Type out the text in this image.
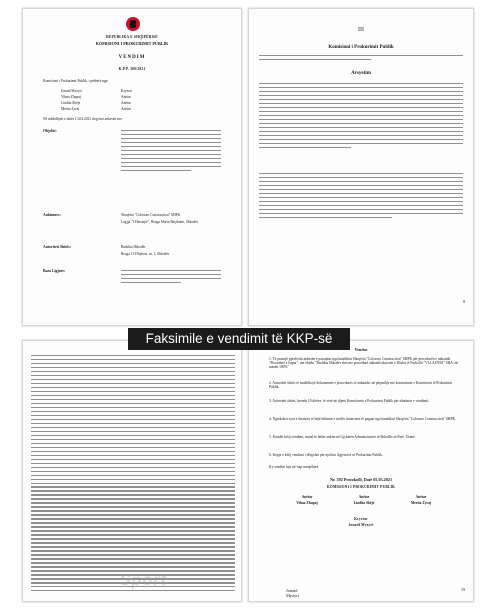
REPUBLIKA E SHQIPËRISË
KOMISIONI I PROKURIMIT PUBLIK
VENDIM
K.P.P. 300/2021
Komisioni i Prokurimit Publik, i përbërë nga:
Jonaid Myzyri	Kryetar
Vilma Zhupaj	Anëtar
Lindita Skëje	Anëtar
Merita Zyraj	Anëtar
Në mbledhjen e datës 13.04.2021 shqyrtoi ankesën me:
Objekti:
Ankimues:	Shoqëria "Colosseo Construction" SHPK
Lagjja "3 Heronjtë", Rruga Marin Beçikemi, Shkodër
Autoriteti Shitës:	Bashkia Shkodër
Rruga 13 Dhjetori, nr. 1, Shkodër
Baza Ligjore:
III
Komisioni i Prokurimit Publik
Arsyetim
8
Vendos
1. Të pranojë pjesërisht ankesën e paraqitur nga kandidati Shoqëria "Colosseo Construction" SHPK për procedurën e ankandit "Procedurë e hapur", me objekt "Bashkia Shkodër shet me procedurë ankandi aksionet e Klubit të Futbollit "VLLAZNIA" SHA, në masën 100%"
2. Autoriteti shitës të modifikojë dokumentet e procedurës së ankandit, në përputhje me konstatimet e Komisionit të Prokurimit Publik.
3. Autoriteti shitës, brenda 10 ditëve, të vërë në dijeni Komisionin e Prokurimit Publik për zbatimin e vendimit.
4. Ngarkohet zyra e financës të bëjë kthimin e tarifës financiare të paguar nga kandidati Shoqëria "Colosseo Construction" SHPK.
5. Kundër këtij vendimi, mund të bëhet ankim në Gjykatën Administrative të Shkallës së Parë, Tiranë.
6. Kopje e këtij vendimi i dërgohet për njoftim Agjencisë së Prokurimit Publik.
Ky vendim hyn në fuqi menjëherë.
Nr. 392 Protokolli, Datë 05.03.2021
KOMISIONI I PROKURIMIT PUBLIK
Anëtar	Anëtar	Anëtar
Vilma Zhupaj	Lindita Skëje	Merita Zyraj
Kryetar
Jonaid Myzyri
19
Faksimile e vendimit të KKP-së
Sport
Jonaid
Myzyri
